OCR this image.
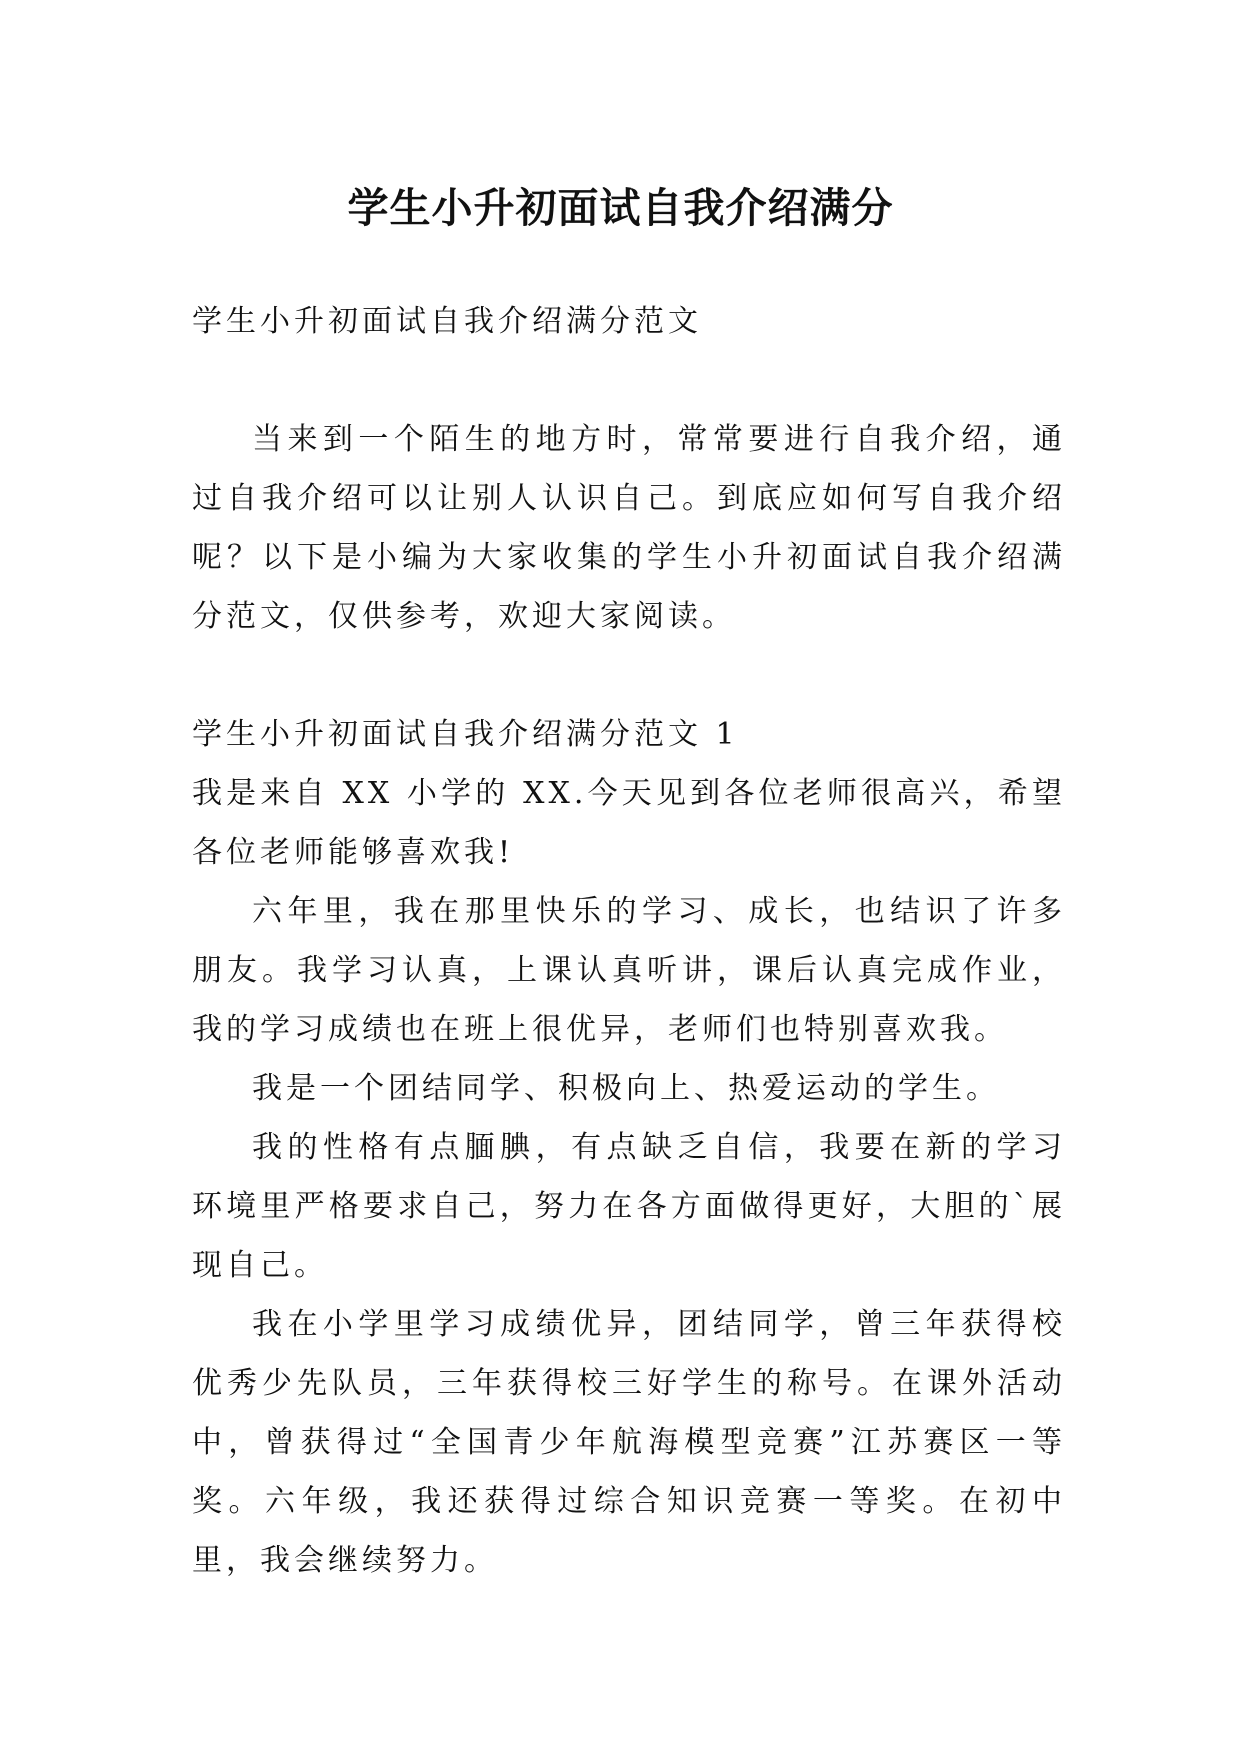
学生小升初面试自我介绍满分

学生小升初面试自我介绍满分范文

当来到一个陌生的地方时，常常要进行自我介绍，通过自我介绍可以让别人认识自己。到底应如何写自我介绍呢？以下是小编为大家收集的学生小升初面试自我介绍满分范文，仅供参考，欢迎大家阅读。

学生小升初面试自我介绍满分范文 1

我是来自 XX 小学的 XX.今天见到各位老师很高兴，希望各位老师能够喜欢我!

六年里，我在那里快乐的学习、成长，也结识了许多朋友。我学习认真，上课认真听讲，课后认真完成作业，我的学习成绩也在班上很优异，老师们也特别喜欢我。

我是一个团结同学、积极向上、热爱运动的学生。

我的性格有点腼腆，有点缺乏自信，我要在新的学习环境里严格要求自己，努力在各方面做得更好，大胆的`展现自己。

我在小学里学习成绩优异，团结同学，曾三年获得校优秀少先队员，三年获得校三好学生的称号。在课外活动中，曾获得过“全国青少年航海模型竞赛”江苏赛区一等奖。六年级，我还获得过综合知识竞赛一等奖。在初中里，我会继续努力。
